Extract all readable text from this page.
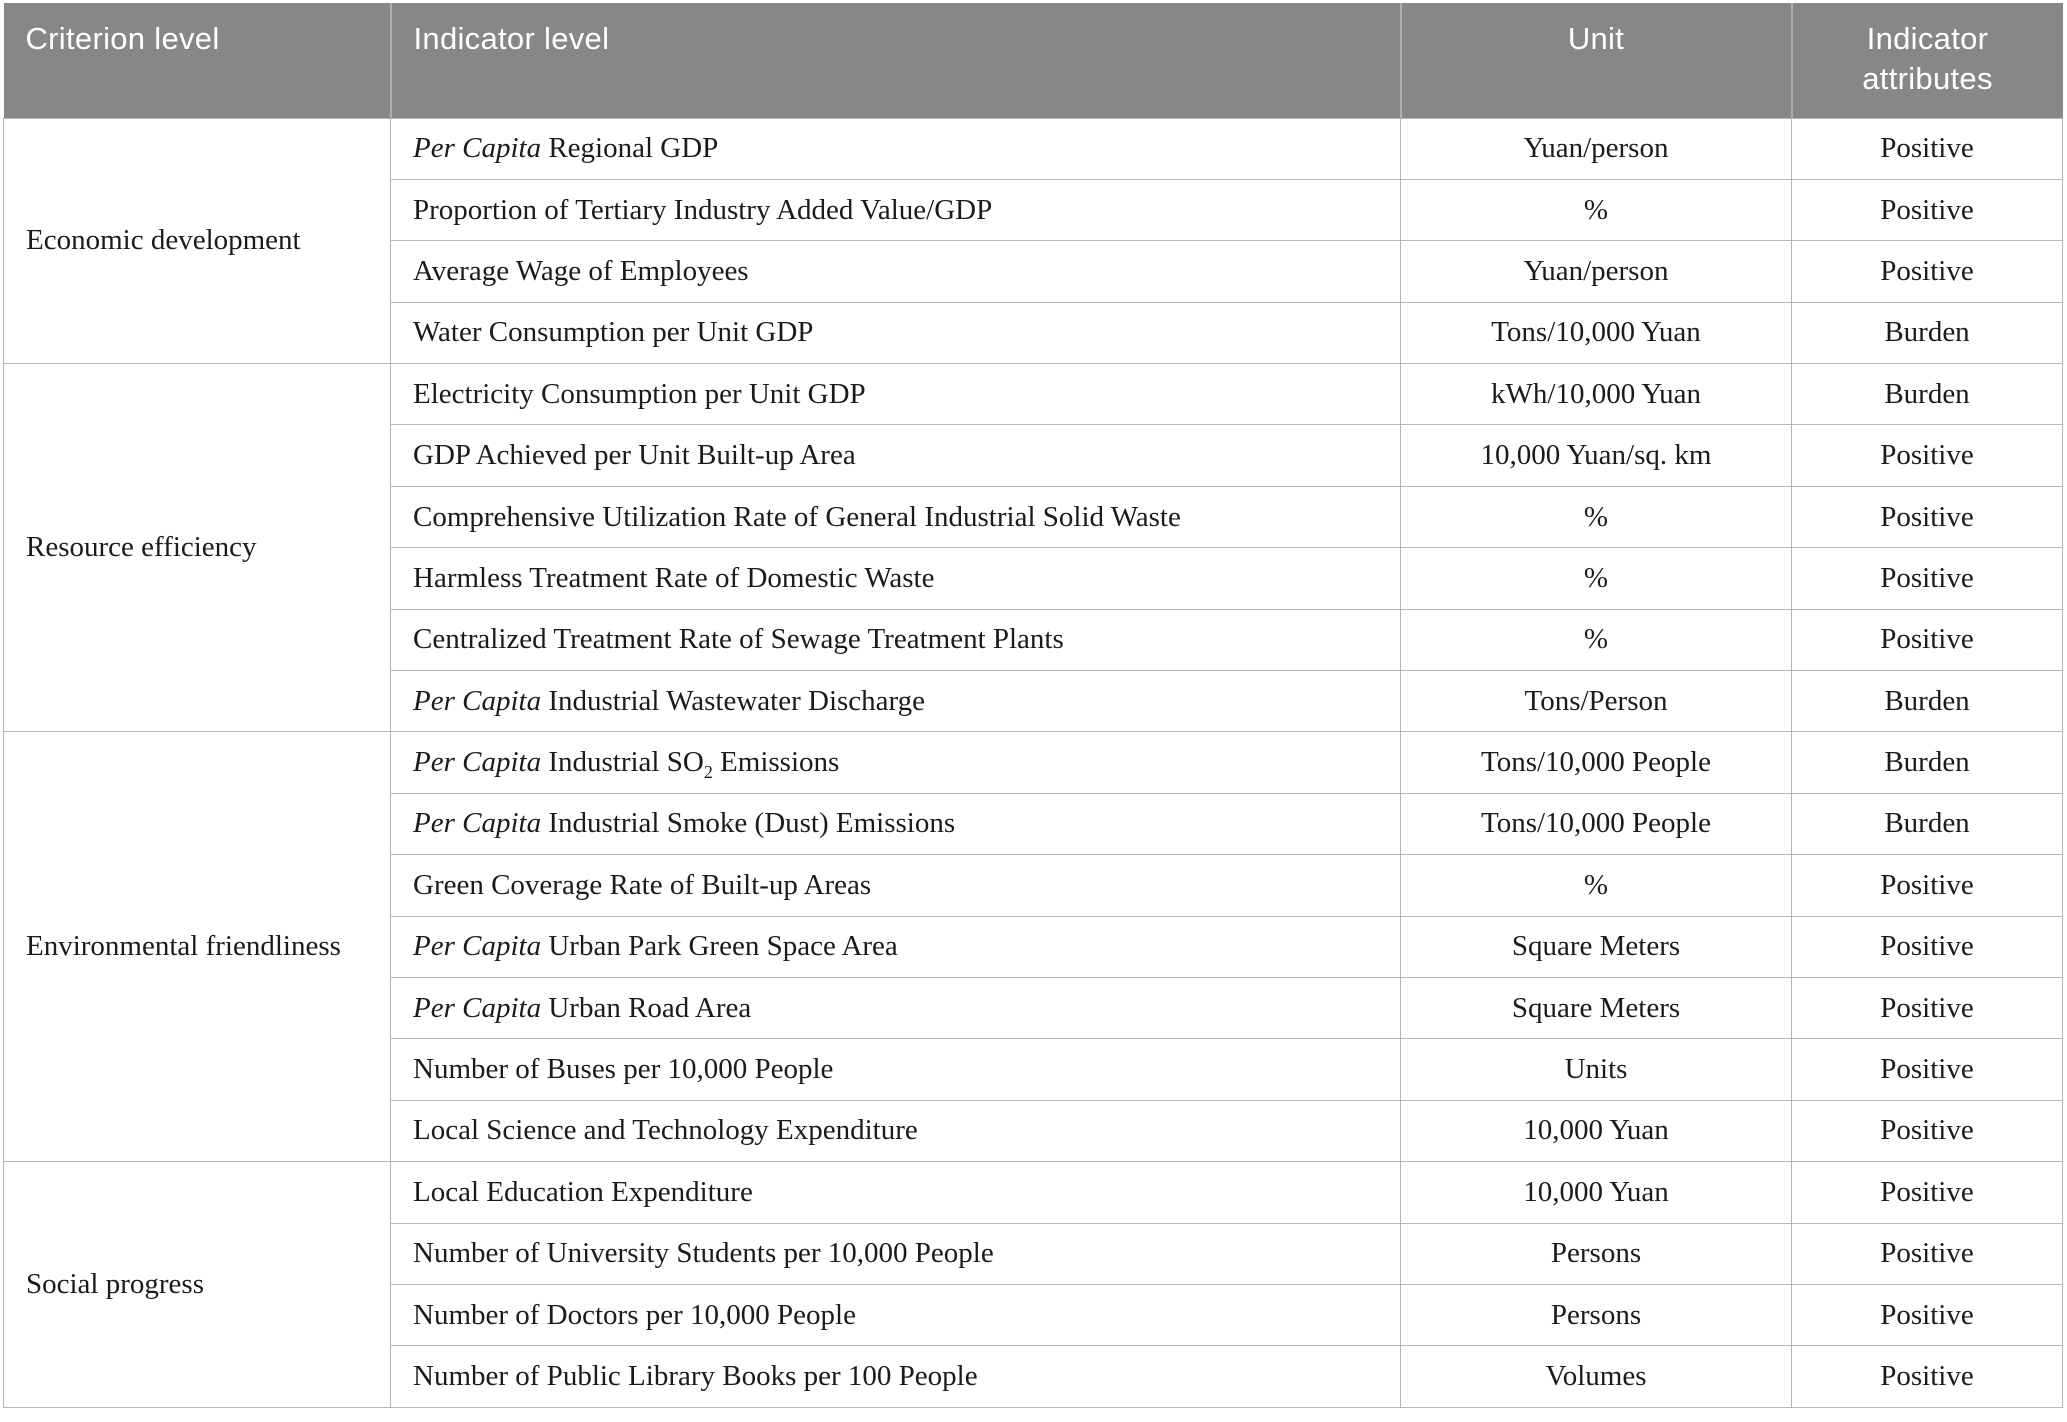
Criterion level	Indicator level	Unit	Indicator attributes
Economic development	Per Capita Regional GDP	Yuan/person	Positive
	Proportion of Tertiary Industry Added Value/GDP	%	Positive
	Average Wage of Employees	Yuan/person	Positive
	Water Consumption per Unit GDP	Tons/10,000 Yuan	Burden
Resource efficiency	Electricity Consumption per Unit GDP	kWh/10,000 Yuan	Burden
	GDP Achieved per Unit Built-up Area	10,000 Yuan/sq. km	Positive
	Comprehensive Utilization Rate of General Industrial Solid Waste	%	Positive
	Harmless Treatment Rate of Domestic Waste	%	Positive
	Centralized Treatment Rate of Sewage Treatment Plants	%	Positive
	Per Capita Industrial Wastewater Discharge	Tons/Person	Burden
Environmental friendliness	Per Capita Industrial $SO_2$ Emissions	Tons/10,000 People	Burden
	Per Capita Industrial Smoke (Dust) Emissions	Tons/10,000 People	Burden
	Green Coverage Rate of Built-up Areas	%	Positive
	Per Capita Urban Park Green Space Area	Square Meters	Positive
	Per Capita Urban Road Area	Square Meters	Positive
	Number of Buses per 10,000 People	Units	Positive
	Local Science and Technology Expenditure	10,000 Yuan	Positive
Social progress	Local Education Expenditure	10,000 Yuan	Positive
	Number of University Students per 10,000 People	Persons	Positive
	Number of Doctors per 10,000 People	Persons	Positive
	Number of Public Library Books per 100 People	Volumes	Positive
